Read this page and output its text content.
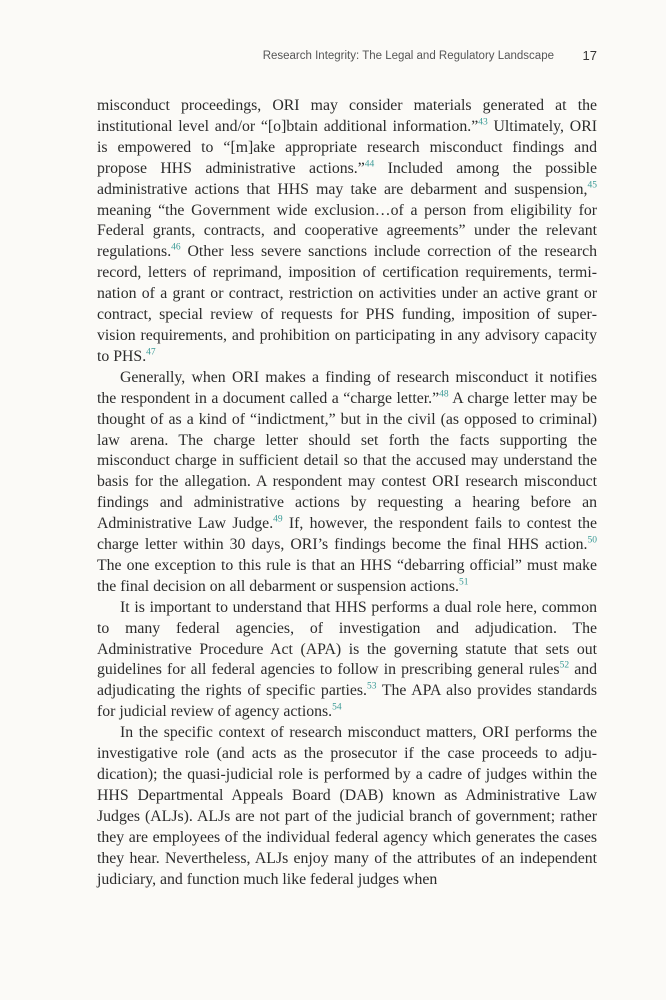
Research Integrity: The Legal and Regulatory Landscape 17

misconduct proceedings, ORI may consider materials generated at the institutional level and/or “[o]btain additional information.”$^{43}$ Ultimately, ORI is empowered to “[m]ake appropriate research misconduct findings and propose HHS administrative actions.”$^{44}$ Included among the possible administrative actions that HHS may take are debarment and suspension,$^{45}$ meaning “the Government wide exclusion…of a person from eligibility for Federal grants, contracts, and cooperative agreements” under the relevant regulations.$^{46}$ Other less severe sanctions include correction of the research record, letters of reprimand, imposition of certification requirements, termination of a grant or contract, restriction on activities under an active grant or contract, special review of requests for PHS funding, imposition of supervision requirements, and prohibition on participating in any advisory capacity to PHS.$^{47}$

Generally, when ORI makes a finding of research misconduct it notifies the respondent in a document called a “charge letter.”$^{48}$ A charge letter may be thought of as a kind of “indictment,” but in the civil (as opposed to criminal) law arena. The charge letter should set forth the facts supporting the misconduct charge in sufficient detail so that the accused may understand the basis for the allegation. A respondent may contest ORI research misconduct findings and administrative actions by requesting a hearing before an Administrative Law Judge.$^{49}$ If, however, the respondent fails to contest the charge letter within 30 days, ORI’s findings become the final HHS action.$^{50}$ The one exception to this rule is that an HHS “debarring official” must make the final decision on all debarment or suspension actions.$^{51}$

It is important to understand that HHS performs a dual role here, common to many federal agencies, of investigation and adjudication. The Administrative Procedure Act (APA) is the governing statute that sets out guidelines for all federal agencies to follow in prescribing general rules$^{52}$ and adjudicating the rights of specific parties.$^{53}$ The APA also provides standards for judicial review of agency actions.$^{54}$

In the specific context of research misconduct matters, ORI performs the investigative role (and acts as the prosecutor if the case proceeds to adjudication); the quasi-judicial role is performed by a cadre of judges within the HHS Departmental Appeals Board (DAB) known as Administrative Law Judges (ALJs). ALJs are not part of the judicial branch of government; rather they are employees of the individual federal agency which generates the cases they hear. Nevertheless, ALJs enjoy many of the attributes of an independent judiciary, and function much like federal judges when
